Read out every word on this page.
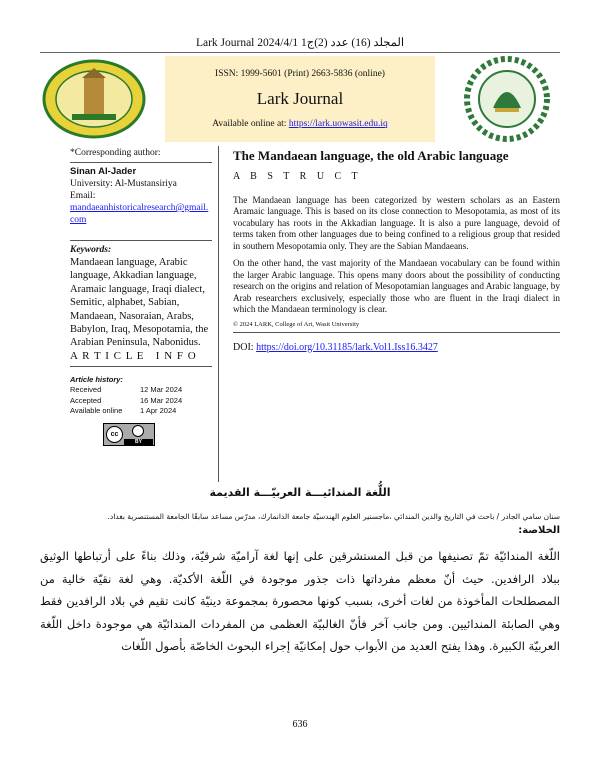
Lark Journal 2024/4/1 المجلد (16) عدد (2)ج1
ISSN: 1999-5601 (Print) 2663-5836 (online)
Lark Journal
Available online at: https://lark.uowasit.edu.iq
*Corresponding author:
Sinan Al-Jader
University: Al-Mustansiriya
Email:
mandaeanhistoricalresearch@gmail.com
Keywords:
Mandaean language, Arabic language, Akkadian language, Aramaic language, Iraqi dialect, Semitic, alphabet, Sabian, Mandaean, Nasoraian, Arabs, Babylon, Iraq, Mesopotamia, the Arabian Peninsula, Nabonidus.
A R T I C L E   I N F O
Article history:
Received	12 Mar 2024
Accepted	16 Mar 2024
Available online	1 Apr 2024
cc
BY
The Mandaean language, the old Arabic language
A B S T R U C T

The Mandaean language has been categorized by western scholars as an Eastern Aramaic language. This is based on its close connection to Mesopotamia, as most of its vocabulary has roots in the Akkadian language. It is also a pure language, devoid of terms taken from other languages due to being confined to a religious group that resided in southern Mesopotamia only. They are the Sabian Mandaeans.

On the other hand, the vast majority of the Mandaean vocabulary can be found within the larger Arabic language. This opens many doors about the possibility of conducting research on the origins and relation of Mesopotamian languages and Arabic language, by Arab researchers exclusively, especially those who are fluent in the Iraqi dialect in which the Mandaean terminology is clear.

© 2024 LARK, College of Art, Wasit University
DOI: https://doi.org/10.31185/lark.Vol1.Iss16.3427
اللُّغة المندائيـــة العربيّـــة القديمة
سنان سامي الجادر / باحث في التاريخ والدين المندائي ،ماجستير العلوم الهندسيّة جامعة الدانمارك، مدرّس مساعد سابقًا الجامعة المستنصرية بغداد.
الخلاصة:
اللّغة المندائيّة تمّ تصنيفها من قبل المستشرقين على إنها لغة آراميّة شرقيّة، وذلك بناءً على أرتباطها الوثيق ببلاد الرافدين. حيث أنّ معظم مفرداتها ذات جذور موجودة في اللّغة الأكديّة. وهي لغة نقيّة خالية من المصطلحات المأخوذة من لغات أخرى، بسبب كونها محصورة بمجموعة دينيّة كانت تقيم في بلاد الرافدين فقط وهي الصابئة المندائيين. ومن جانب آخر فأنّ الغالبيّة العظمى من المفردات المندائيّة هي موجودة داخل اللّغة العربيّة الكبيرة. وهذا يفتح العديد من الأبواب حول إمكانيّة إجراء البحوث الخاصّة بأصول اللّغات
636
